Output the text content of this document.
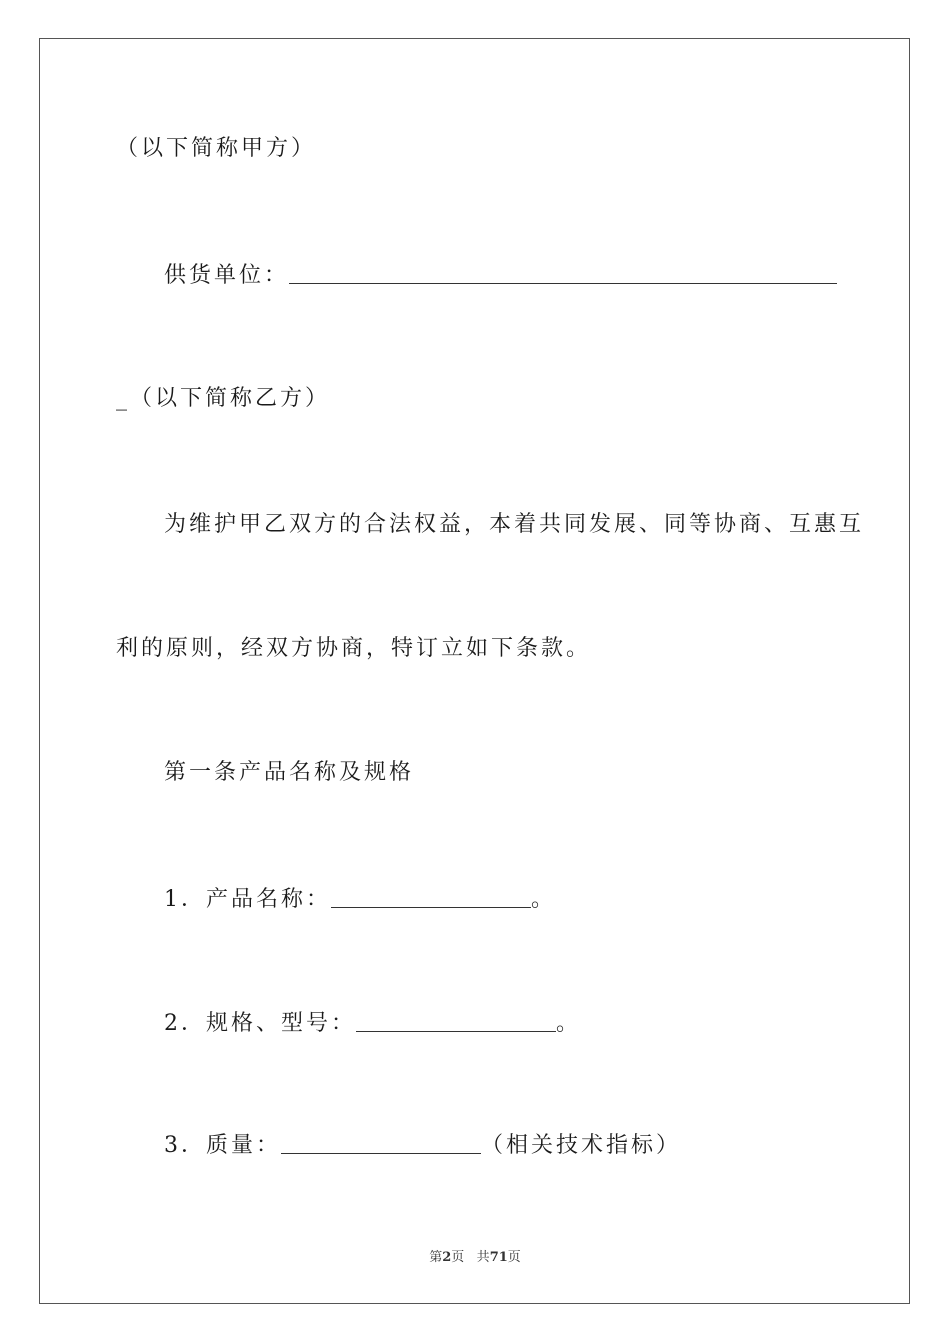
（以下简称甲方）
供货单位：
_（以下简称乙方）
为维护甲乙双方的合法权益，本着共同发展、同等协商、互惠互
利的原则，经双方协商，特订立如下条款。
第一条产品名称及规格
1．产品名称：	。
2．规格、型号：	。
3．质量：	（相关技术指标）
第2页 共71页
